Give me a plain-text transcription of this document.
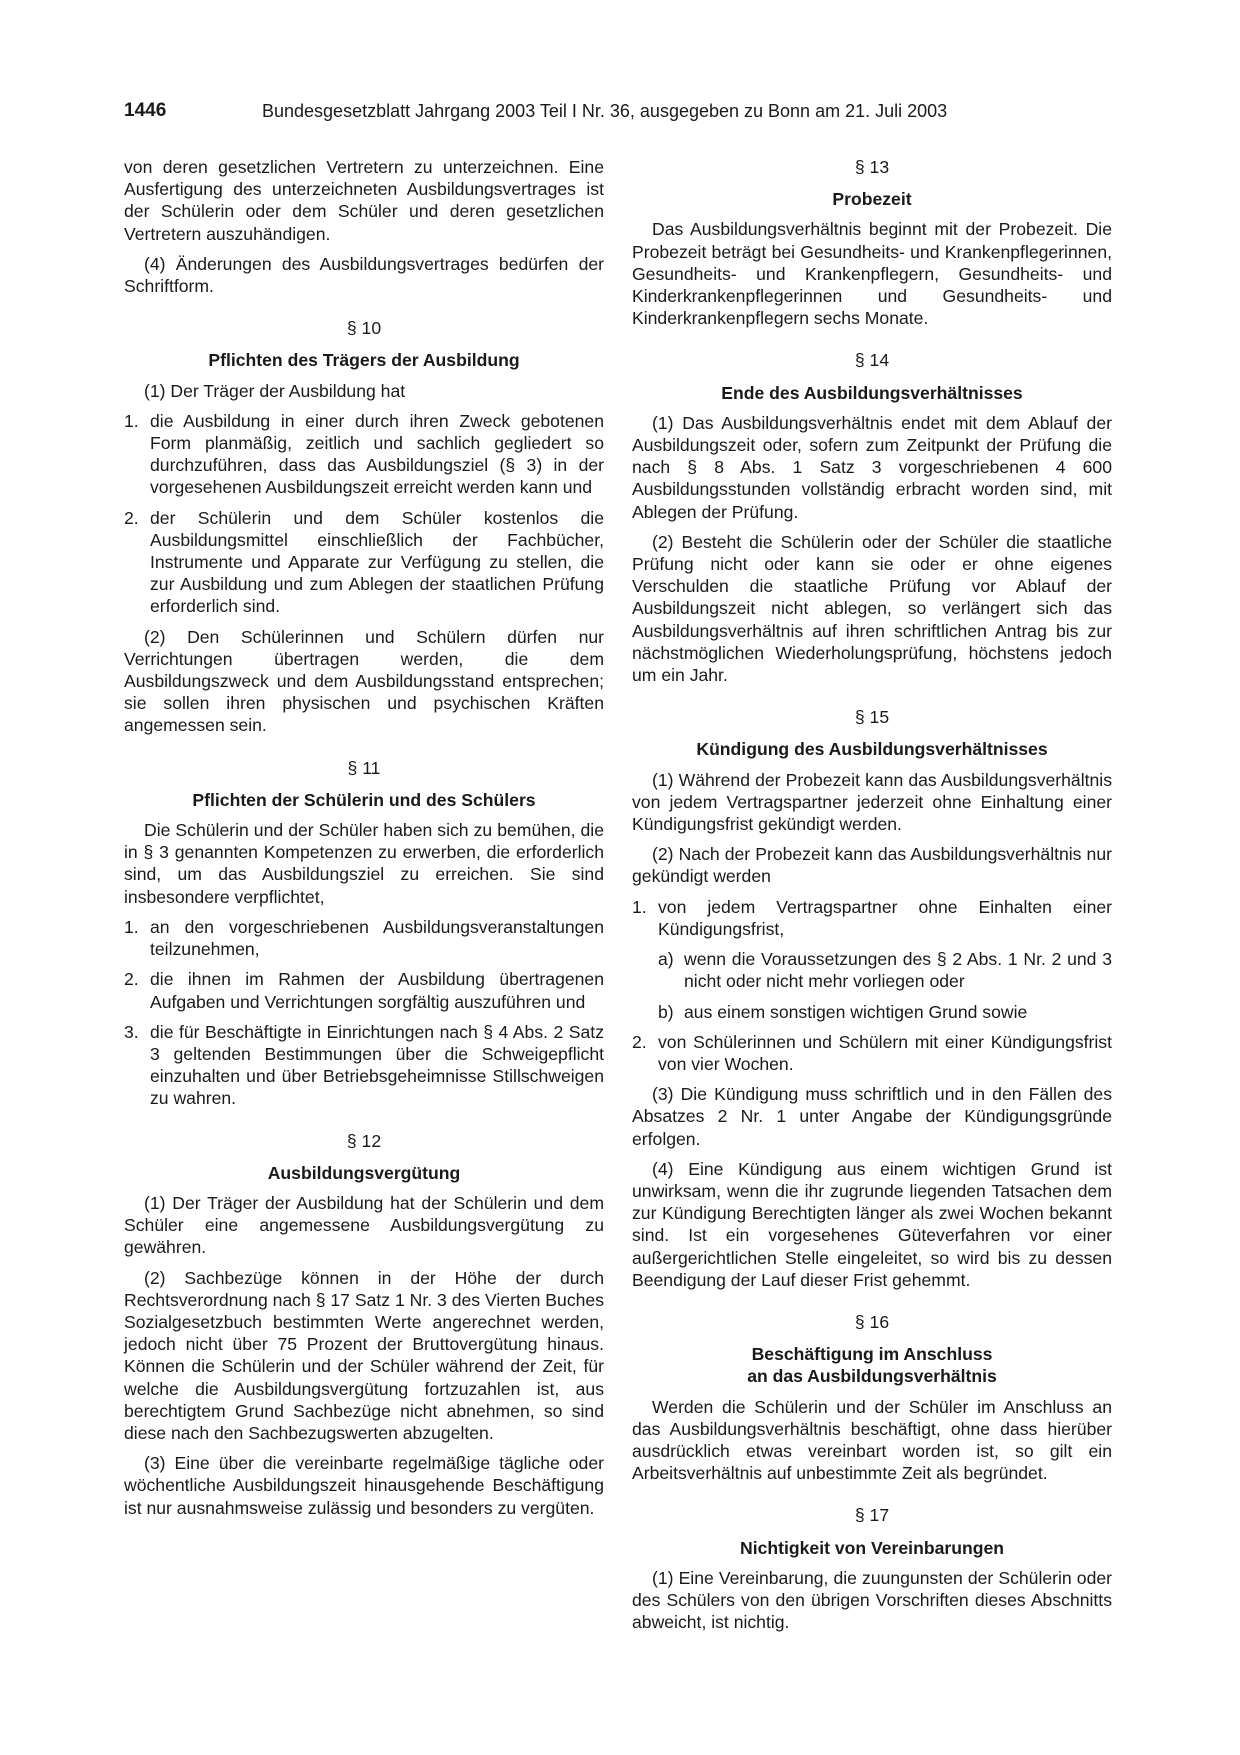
1446	Bundesgesetzblatt Jahrgang 2003 Teil I Nr. 36, ausgegeben zu Bonn am 21. Juli 2003

von deren gesetzlichen Vertretern zu unterzeichnen. Eine Ausfertigung des unterzeichneten Ausbildungsvertrages ist der Schülerin oder dem Schüler und deren gesetzlichen Vertretern auszuhändigen.

(4) Änderungen des Ausbildungsvertrages bedürfen der Schriftform.

§ 10
Pflichten des Trägers der Ausbildung

(1) Der Träger der Ausbildung hat

1. die Ausbildung in einer durch ihren Zweck gebotenen Form planmäßig, zeitlich und sachlich gegliedert so durchzuführen, dass das Ausbildungsziel (§ 3) in der vorgesehenen Ausbildungszeit erreicht werden kann und
2. der Schülerin und dem Schüler kostenlos die Ausbildungsmittel einschließlich der Fachbücher, Instrumente und Apparate zur Verfügung zu stellen, die zur Ausbildung und zum Ablegen der staatlichen Prüfung erforderlich sind.

(2) Den Schülerinnen und Schülern dürfen nur Verrichtungen übertragen werden, die dem Ausbildungszweck und dem Ausbildungsstand entsprechen; sie sollen ihren physischen und psychischen Kräften angemessen sein.

§ 11
Pflichten der Schülerin und des Schülers

Die Schülerin und der Schüler haben sich zu bemühen, die in § 3 genannten Kompetenzen zu erwerben, die erforderlich sind, um das Ausbildungsziel zu erreichen. Sie sind insbesondere verpflichtet,

1. an den vorgeschriebenen Ausbildungsveranstaltungen teilzunehmen,
2. die ihnen im Rahmen der Ausbildung übertragenen Aufgaben und Verrichtungen sorgfältig auszuführen und
3. die für Beschäftigte in Einrichtungen nach § 4 Abs. 2 Satz 3 geltenden Bestimmungen über die Schweigepflicht einzuhalten und über Betriebsgeheimnisse Stillschweigen zu wahren.
§ 12
Ausbildungsvergütung

(1) Der Träger der Ausbildung hat der Schülerin und dem Schüler eine angemessene Ausbildungsvergütung zu gewähren.

(2) Sachbezüge können in der Höhe der durch Rechtsverordnung nach § 17 Satz 1 Nr. 3 des Vierten Buches Sozialgesetzbuch bestimmten Werte angerechnet werden, jedoch nicht über 75 Prozent der Bruttovergütung hinaus. Können die Schülerin und der Schüler während der Zeit, für welche die Ausbildungsvergütung fortzuzahlen ist, aus berechtigtem Grund Sachbezüge nicht abnehmen, so sind diese nach den Sachbezugswerten abzugelten.

(3) Eine über die vereinbarte regelmäßige tägliche oder wöchentliche Ausbildungszeit hinausgehende Beschäftigung ist nur ausnahmsweise zulässig und besonders zu vergüten.

§ 13
Probezeit

Das Ausbildungsverhältnis beginnt mit der Probezeit. Die Probezeit beträgt bei Gesundheits- und Krankenpflegerinnen, Gesundheits- und Krankenpflegern, Gesundheits- und Kinderkrankenpflegerinnen und Gesundheits- und Kinderkrankenpflegern sechs Monate.

§ 14
Ende des Ausbildungsverhältnisses

(1) Das Ausbildungsverhältnis endet mit dem Ablauf der Ausbildungszeit oder, sofern zum Zeitpunkt der Prüfung die nach § 8 Abs. 1 Satz 3 vorgeschriebenen 4 600 Ausbildungsstunden vollständig erbracht worden sind, mit Ablegen der Prüfung.

(2) Besteht die Schülerin oder der Schüler die staatliche Prüfung nicht oder kann sie oder er ohne eigenes Verschulden die staatliche Prüfung vor Ablauf der Ausbildungszeit nicht ablegen, so verlängert sich das Ausbildungsverhältnis auf ihren schriftlichen Antrag bis zur nächstmöglichen Wiederholungsprüfung, höchstens jedoch um ein Jahr.

§ 15
Kündigung des Ausbildungsverhältnisses

(1) Während der Probezeit kann das Ausbildungsverhältnis von jedem Vertragspartner jederzeit ohne Einhaltung einer Kündigungsfrist gekündigt werden.

(2) Nach der Probezeit kann das Ausbildungsverhältnis nur gekündigt werden

1. von jedem Vertragspartner ohne Einhalten einer Kündigungsfrist,
a) wenn die Voraussetzungen des § 2 Abs. 1 Nr. 2 und 3 nicht oder nicht mehr vorliegen oder
b) aus einem sonstigen wichtigen Grund sowie
2. von Schülerinnen und Schülern mit einer Kündigungsfrist von vier Wochen.

(3) Die Kündigung muss schriftlich und in den Fällen des Absatzes 2 Nr. 1 unter Angabe der Kündigungsgründe erfolgen.

(4) Eine Kündigung aus einem wichtigen Grund ist unwirksam, wenn die ihr zugrunde liegenden Tatsachen dem zur Kündigung Berechtigten länger als zwei Wochen bekannt sind. Ist ein vorgesehenes Güteverfahren vor einer außergerichtlichen Stelle eingeleitet, so wird bis zu dessen Beendigung der Lauf dieser Frist gehemmt.

§ 16
Beschäftigung im Anschluss
an das Ausbildungsverhältnis

Werden die Schülerin und der Schüler im Anschluss an das Ausbildungsverhältnis beschäftigt, ohne dass hierüber ausdrücklich etwas vereinbart worden ist, so gilt ein Arbeitsverhältnis auf unbestimmte Zeit als begründet.

§ 17
Nichtigkeit von Vereinbarungen

(1) Eine Vereinbarung, die zuungunsten der Schülerin oder des Schülers von den übrigen Vorschriften dieses Abschnitts abweicht, ist nichtig.
